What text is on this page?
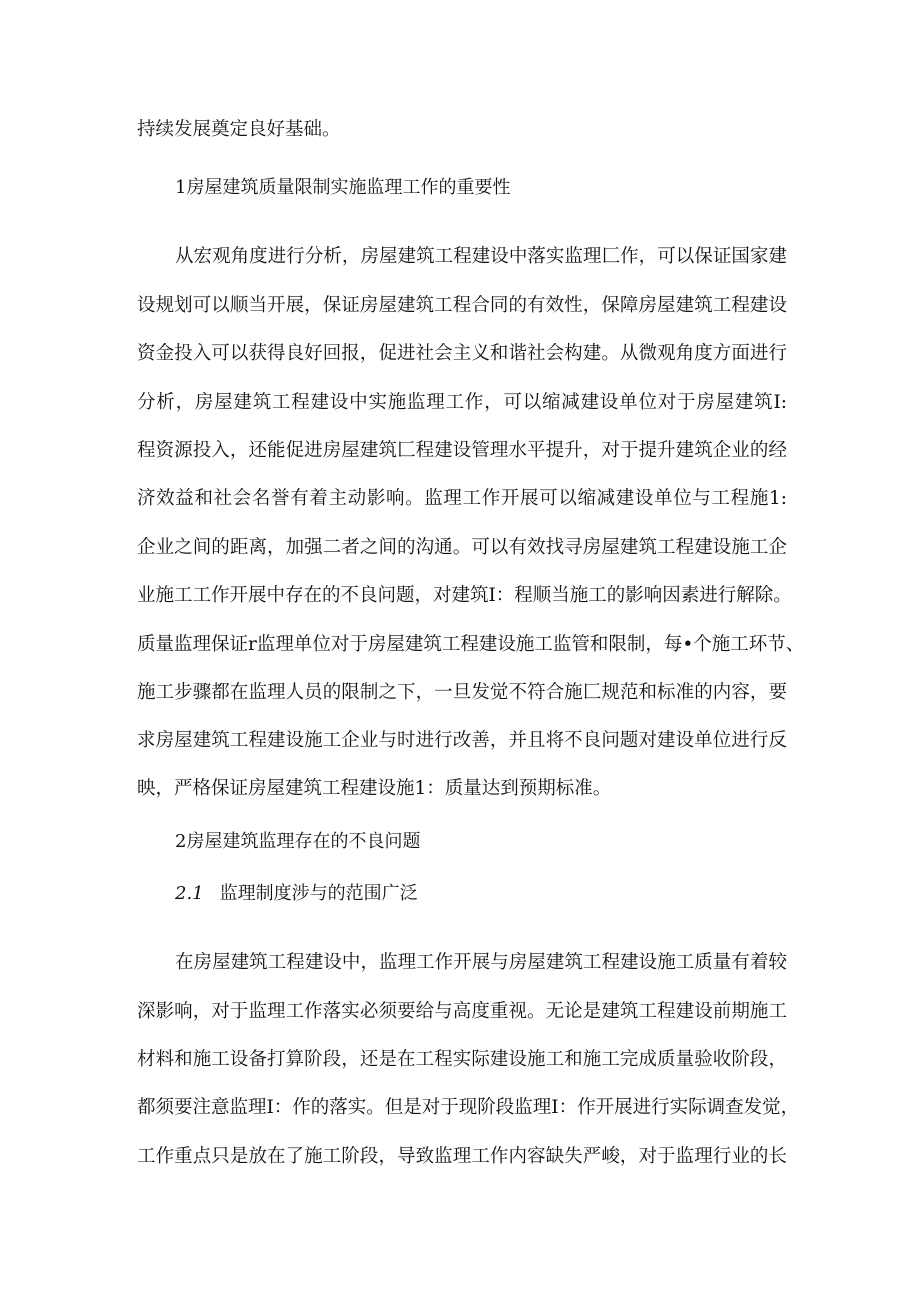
持续发展奠定良好基础。
1房屋建筑质量限制实施监理工作的重要性
从宏观角度进行分析，房屋建筑工程建设中落实监理匚作，可以保证国家建
设规划可以顺当开展，保证房屋建筑工程合同的有效性，保障房屋建筑工程建设
资金投入可以获得良好回报，促进社会主义和谐社会构建。从微观角度方面进行
分析，房屋建筑工程建设中实施监理工作，可以缩减建设单位对于房屋建筑I:
程资源投入，还能促进房屋建筑匚程建设管理水平提升，对于提升建筑企业的经
济效益和社会名誉有着主动影响。监理工作开展可以缩减建设单位与工程施1:
企业之间的距离，加强二者之间的沟通。可以有效找寻房屋建筑工程建设施工企
业施工工作开展中存在的不良问题，对建筑I：程顺当施工的影响因素进行解除。
质量监理保证r监理单位对于房屋建筑工程建设施工监管和限制，每•个施工环节、
施工步骤都在监理人员的限制之下，一旦发觉不符合施匚规范和标准的内容，要
求房屋建筑工程建设施工企业与时进行改善，并且将不良问题对建设单位进行反
映，严格保证房屋建筑工程建设施1：质量达到预期标准。
2房屋建筑监理存在的不良问题
2.1 监理制度涉与的范围广泛
在房屋建筑工程建设中，监理工作开展与房屋建筑工程建设施工质量有着较
深影响，对于监理工作落实必须要给与高度重视。无论是建筑工程建设前期施工
材料和施工设备打算阶段，还是在工程实际建设施工和施工完成质量验收阶段，
都须要注意监理I：作的落实。但是对于现阶段监理I：作开展进行实际调查发觉，
工作重点只是放在了施工阶段，导致监理工作内容缺失严峻，对于监理行业的长
